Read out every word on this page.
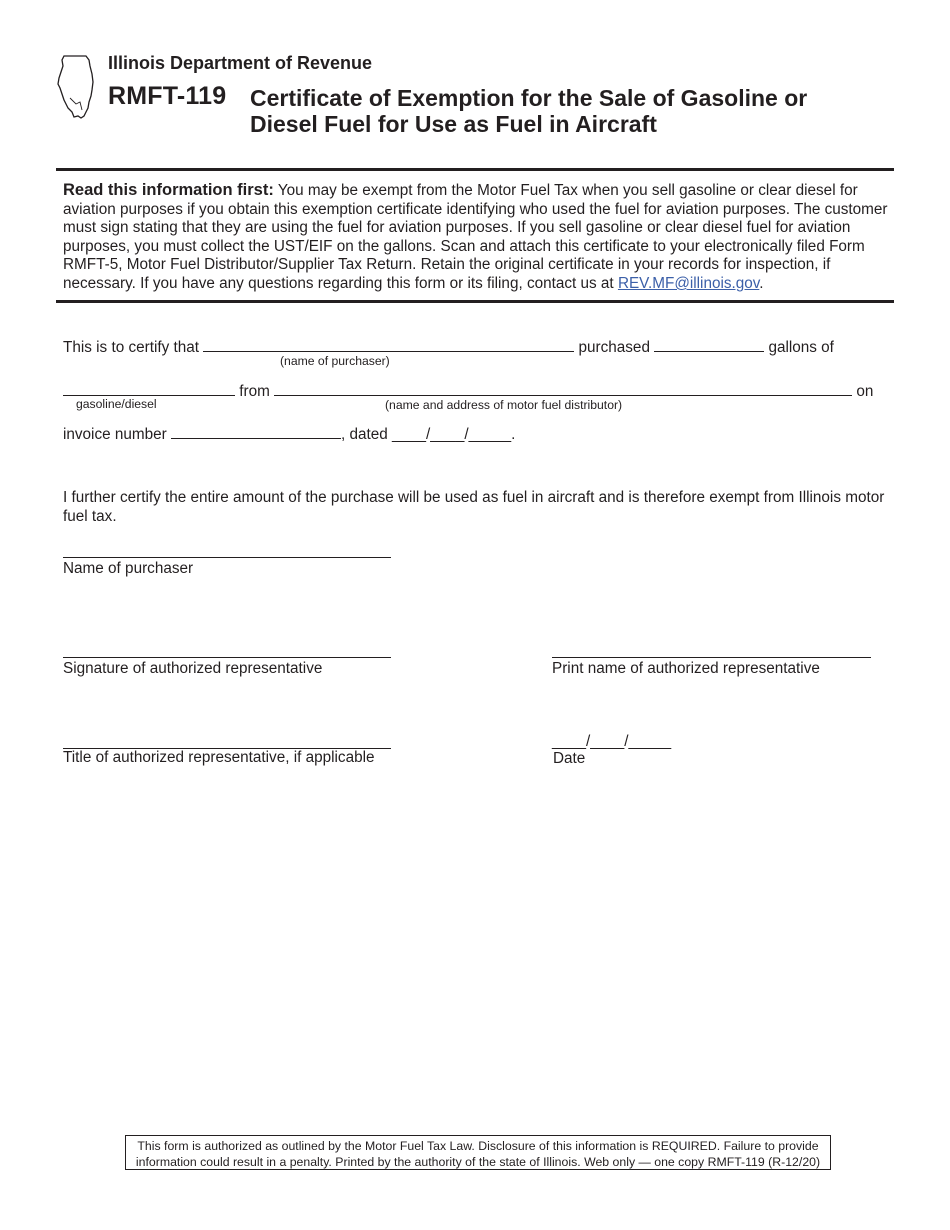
Illinois Department of Revenue
RMFT-119 Certificate of Exemption for the Sale of Gasoline or
Diesel Fuel for Use as Fuel in Aircraft
Read this information first: You may be exempt from the Motor Fuel Tax when you sell gasoline or clear diesel for aviation purposes if you obtain this exemption certificate identifying who used the fuel for aviation purposes. The customer must sign stating that they are using the fuel for aviation purposes. If you sell gasoline or clear diesel fuel for aviation purposes, you must collect the UST/EIF on the gallons. Scan and attach this certificate to your electronically filed Form RMFT-5, Motor Fuel Distributor/Supplier Tax Return. Retain the original certificate in your records for inspection, if necessary. If you have any questions regarding this form or its filing, contact us at REV.MF@illinois.gov.
This is to certify that	purchased	gallons of
(name of purchaser)
from	on
gasoline/diesel	(name and address of motor fuel distributor)
invoice number	, dated ____/____/_____.
I further certify the entire amount of the purchase will be used as fuel in aircraft and is therefore exempt from Illinois motor fuel tax.
Name of purchaser
Signature of authorized representative	Print name of authorized representative
Title of authorized representative, if applicable
____/____/_____
Date
This form is authorized as outlined by the Motor Fuel Tax Law. Disclosure of this information is REQUIRED. Failure to provide
information could result in a penalty. Printed by the authority of the state of Illinois. Web only — one copy RMFT-119 (R-12/20)
